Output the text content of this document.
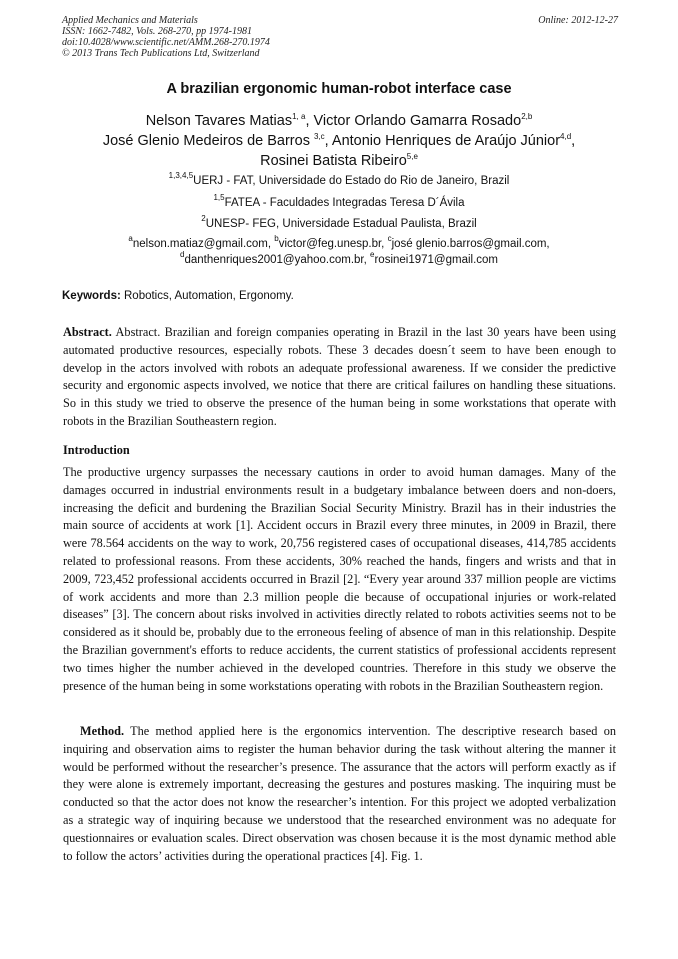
Applied Mechanics and Materials
ISSN: 1662-7482, Vols. 268-270, pp 1974-1981
doi:10.4028/www.scientific.net/AMM.268-270.1974
© 2013 Trans Tech Publications Ltd, Switzerland
Online: 2012-12-27
A brazilian ergonomic human-robot interface case
Nelson Tavares Matias$^{1, a}$, Victor Orlando Gamarra Rosado$^{2,b}$
José Glenio Medeiros de Barros $^{3,c}$, Antonio Henriques de Araújo Júnior$^{4,d}$,
Rosinei Batista Ribeiro$^{5,e}$
$^{1,3,4,5}$UERJ - FAT, Universidade do Estado do Rio de Janeiro, Brazil
$^{1,5}$FATEA - Faculdades Integradas Teresa D´Ávila
$^2$UNESP- FEG, Universidade Estadual Paulista, Brazil
$^a$nelson.matiaz@gmail.com, $^b$victor@feg.unesp.br, $^c$josé glenio.barros@gmail.com,
$^d$danthenriques2001@yahoo.com.br, $^e$rosinei1971@gmail.com
Keywords: Robotics, Automation, Ergonomy.
Abstract. Abstract. Brazilian and foreign companies operating in Brazil in the last 30 years have been using automated productive resources, especially robots. These 3 decades doesn´t seem to have been enough to develop in the actors involved with robots an adequate professional awareness. If we consider the predictive security and ergonomic aspects involved, we notice that there are critical failures on handling these situations. So in this study we tried to observe the presence of the human being in some workstations that operate with robots in the Brazilian Southeastern region.
Introduction
The productive urgency surpasses the necessary cautions in order to avoid human damages. Many of the damages occurred in industrial environments result in a budgetary imbalance between doers and non-doers, increasing the deficit and burdening the Brazilian Social Security Ministry. Brazil has in their industries the main source of accidents at work [1]. Accident occurs in Brazil every three minutes, in 2009 in Brazil, there were 78.564 accidents on the way to work, 20,756 registered cases of occupational diseases, 414,785 accidents related to professional reasons. From these accidents, 30% reached the hands, fingers and wrists and that in 2009, 723,452 professional accidents occurred in Brazil [2]. “Every year around 337 million people are victims of work accidents and more than 2.3 million people die because of occupational injuries or work-related diseases” [3]. The concern about risks involved in activities directly related to robots activities seems not to be considered as it should be, probably due to the erroneous feeling of absence of man in this relationship. Despite the Brazilian government's efforts to reduce accidents, the current statistics of professional accidents represent two times higher the number achieved in the developed countries. Therefore in this study we observe the presence of the human being in some workstations operating with robots in the Brazilian Southeastern region.
Method. The method applied here is the ergonomics intervention. The descriptive research based on inquiring and observation aims to register the human behavior during the task without altering the manner it would be performed without the researcher’s presence. The assurance that the actors will perform exactly as if they were alone is extremely important, decreasing the gestures and postures masking. The inquiring must be conducted so that the actor does not know the researcher’s intention. For this project we adopted verbalization as a strategic way of inquiring because we understood that the researched environment was no adequate for questionnaires or evaluation scales. Direct observation was chosen because it is the most dynamic method able to follow the actors’ activities during the operational practices [4]. Fig. 1.
